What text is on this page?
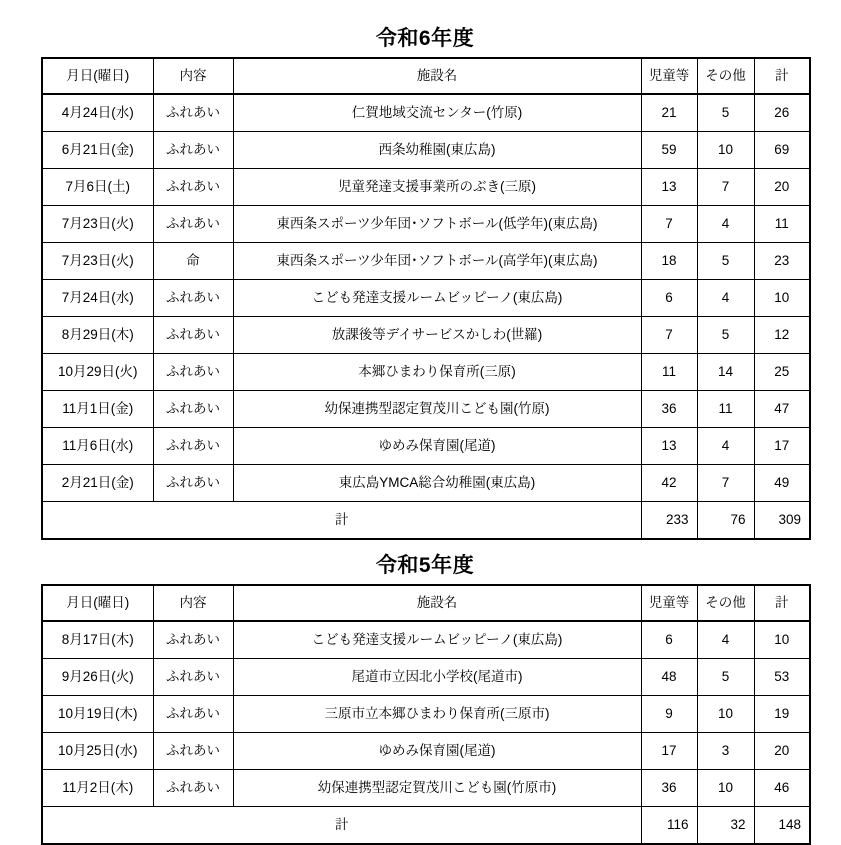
令和6年度
月日(曜日)	内容	施設名	児童等	その他	計
4月24日(水)	ふれあい	仁賀地域交流センター(竹原)	21	5	26
6月21日(金)	ふれあい	西条幼稚園(東広島)	59	10	69
7月6日(土)	ふれあい	児童発達支援事業所のぶき(三原)	13	7	20
7月23日(火)	ふれあい	東西条スポーツ少年団･ソフトボール(低学年)(東広島)	7	4	11
7月23日(火)	命	東西条スポーツ少年団･ソフトボール(高学年)(東広島)	18	5	23
7月24日(水)	ふれあい	こども発達支援ルームビッピーノ(東広島)	6	4	10
8月29日(木)	ふれあい	放課後等デイサービスかしわ(世羅)	7	5	12
10月29日(火)	ふれあい	本郷ひまわり保育所(三原)	11	14	25
11月1日(金)	ふれあい	幼保連携型認定賀茂川こども園(竹原)	36	11	47
11月6日(水)	ふれあい	ゆめみ保育園(尾道)	13	4	17
2月21日(金)	ふれあい	東広島YMCA総合幼稚園(東広島)	42	7	49
計			233	76	309
令和5年度
月日(曜日)	内容	施設名	児童等	その他	計
8月17日(木)	ふれあい	こども発達支援ルームビッピーノ(東広島)	6	4	10
9月26日(火)	ふれあい	尾道市立因北小学校(尾道市)	48	5	53
10月19日(木)	ふれあい	三原市立本郷ひまわり保育所(三原市)	9	10	19
10月25日(水)	ふれあい	ゆめみ保育園(尾道)	17	3	20
11月2日(木)	ふれあい	幼保連携型認定賀茂川こども園(竹原市)	36	10	46
計			116	32	148
